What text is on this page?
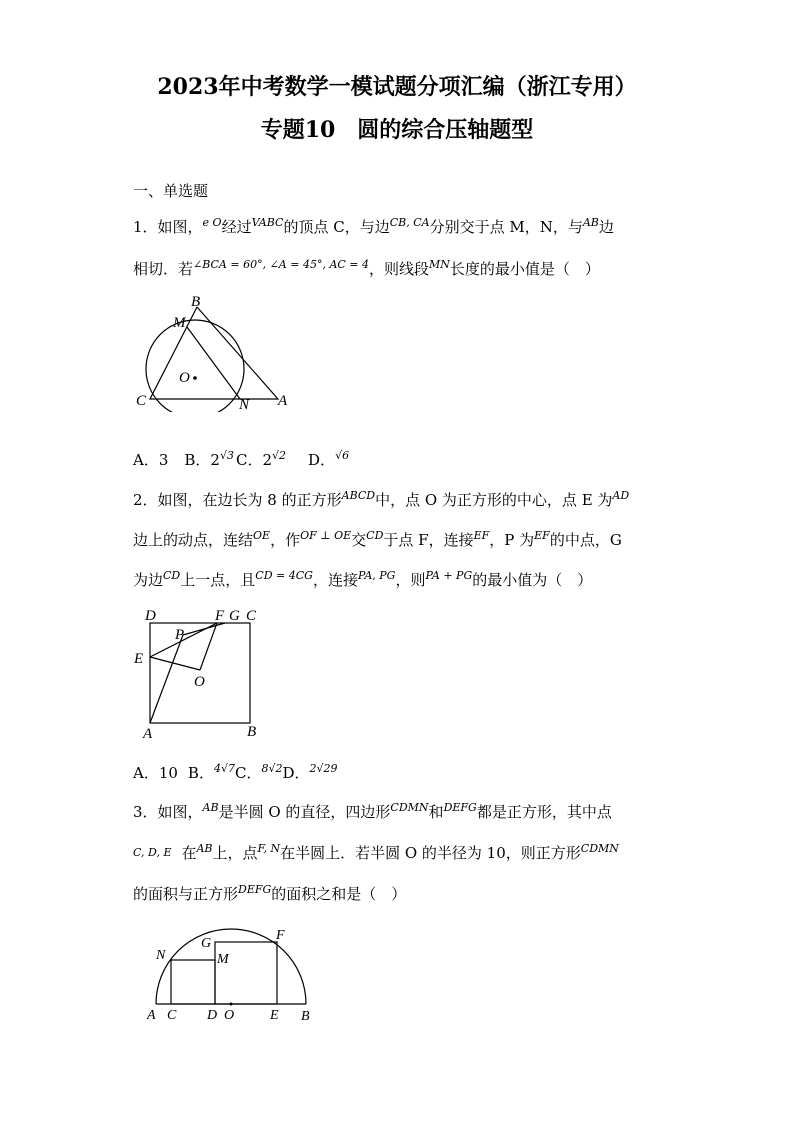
2023年中考数学一模试题分项汇编（浙江专用）
专题10　圆的综合压轴题型
一、单选题
1．如图，$^{e O}$经过$^{VABC}$的顶点 C，与边$^{CB, CA}$分别交于点 M，N，与$^{AB}$边
相切．若$^{\angle BCA = 60^\circ, \angle A = 45^\circ, AC = 4}$，则线段$^{MN}$长度的最小值是（　）
B
M
O
C	N A
A．3 B．$2^{√3}$ C．$2^{√2}$ D．$^{√6}$
2．如图，在边长为 8 的正方形$^{ABCD}$中，点 O 为正方形的中心，点 E 为$^{AD}$
边上的动点，连结$^{OE}$，作$^{OF \perp OE}$交$^{CD}$于点 F，连接$^{EF}$，P 为$^{EF}$的中点，G
为边$^{CD}$上一点，且$^{CD = 4CG}$，连接$^{PA, PG}$，则$^{PA + PG}$的最小值为（　）
D	F G C
P
E
O
A	B
A．10 B．$^{4√7}$C．$^{8√2}$D．$^{2√29}$
3．如图，$^{AB}$是半圆 O 的直径，四边形$^{CDMN}$和$^{DEFG}$都是正方形，其中点
C, D, E 在$^{AB}$上，点$^{F, N}$在半圆上．若半圆 O 的半径为 10，则正方形$^{CDMN}$
的面积与正方形$^{DEFG}$的面积之和是（　）
N
G
F
M
A C D O	E B
